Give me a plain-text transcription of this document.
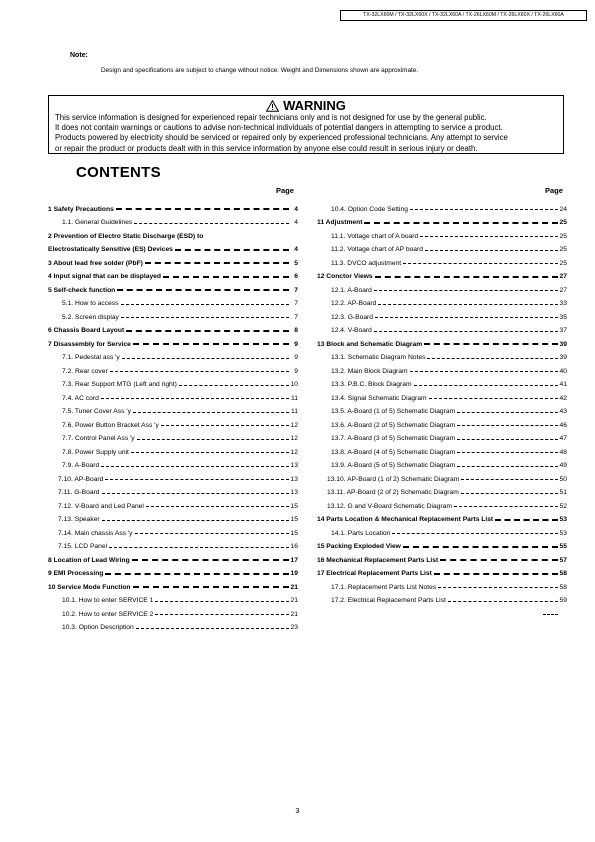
TX-32LX60M / TX-32LX60X / TX-32LX60A / TX-26LX60M / TX-26LX60X / TX-26LX60A
Note:
Design and specifications are subject to change without notice. Weight and Dimensions shown are approximate.
WARNING
This service information is designed for experienced repair technicians only and is not designed for use by the general public.
It does not contain warnings or cautions to advise non-technical individuals of potential dangers in attempting to service a product.
Products powered by electricity should be serviced or repaired only by experienced professional technicians. Any attempt to service
or repair the product or products dealt with in this service information by anyone else could result in serious injury or death.
CONTENTS
Page	Page
1 Safety Precautions	4
1.1. General Guidelines	4
2 Prevention of Electro Static Discharge (ESD) to
Electrostatically Sensitive (ES) Devices	4
3 About lead free solder (PbF)	5
4 Input signal that can be displayed	6
5 Self-check function	7
5.1. How to access	7
5.2. Screen display	7
6 Chassis Board Layout	8
7 Disassembly for Service	9
7.1. Pedestal ass 'y	9
7.2. Rear cover	9
7.3. Rear Support MTG (Left and right)	10
7.4. AC cord	11
7.5. Tuner Cover Ass 'y	11
7.6. Power Button Bracket Ass 'y	12
7.7. Control Panel Ass 'y	12
7.8. Power Supply unit	12
7.9. A-Board	13
7.10. AP-Board	13
7.11. G-Board	13
7.12. V-Board and Led Panel	15
7.13. Speaker	15
7.14. Main chassis Ass 'y	15
7.15. LCD Panel	16
8 Location of Lead Wiring	17
9 EMI Processing	19
10 Service Mode Function	21
10.1. How to enter SERVICE 1	21
10.2. How to enter SERVICE 2	21
10.3. Option Description	23
10.4. Option Code Setting	24
11 Adjustment	25
11.1. Voltage chart of A board	25
11.2. Voltage chart of AP board	25
11.3. DVCO adjustment	25
12 Conctor Views	27
12.1. A-Board	27
12.2. AP-Board	33
12.3. G-Board	35
12.4. V-Board	37
13 Block and Schematic Diagram	39
13.1. Schematic Diagram Notes	39
13.2. Main Block Diagram	40
13.3. P.B.C. Block Diagram	41
13.4. Signal Schematic Diagram	42
13.5. A-Board (1 of 5) Schematic Diagram	43
13.6. A-Board (2 of 5) Schematic Diagram	46
13.7. A-Board (3 of 5) Schematic Diagram	47
13.8. A-Board (4 of 5) Schematic Diagram	48
13.9. A-Board (5 of 5) Schematic Diagram	49
13.10. AP-Board (1 of 2) Schematic Diagram	50
13.11. AP-Board (2 of 2) Schematic Diagram	51
13.12. G and V-Board Schematic Diagram	52
14 Parts Location & Mechanical Replacement Parts List	53
14.1. Parts Location	53
15 Packing Exploded View	55
16 Mechanical Replacement Parts List	57
17 Electrical Replacement Parts List	58
17.1. Replacement Parts List Notes	58
17.2. Electrical Replacement Parts List	59
3
